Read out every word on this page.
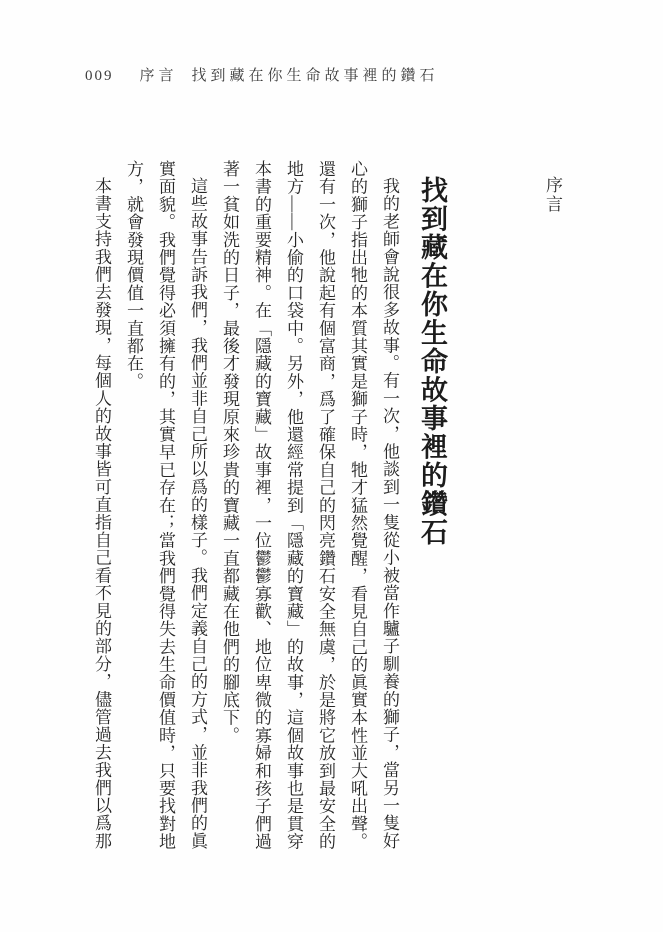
009 序言 找到藏在你生命故事裡的鑽石
序言
找到藏在你生命故事裡的鑽石

我的老師會說很多故事。有一次，他談到一隻從小被當作驢子馴養的獅子，當另一隻好心的獅子指出牠的本質其實是獅子時，牠才猛然覺醒，看見自己的眞實本性並大吼出聲。還有一次，他說起有個富商，爲了確保自己的閃亮鑽石安全無虞，於是將它放到最安全的地方——小偷的口袋中。另外，他還經常提到「隱藏的寶藏」的故事，這個故事也是貫穿本書的重要精神。在「隱藏的寶藏」故事裡，一位鬱鬱寡歡、地位卑微的寡婦和孩子們過著一貧如洗的日子，最後才發現原來珍貴的寶藏一直都藏在他們的腳底下。

這些故事告訴我們，我們並非自己所以爲的樣子。我們定義自己的方式，並非我們的眞實面貌。我們覺得必須擁有的，其實早已存在；當我們覺得失去生命價值時，只要找對地方，就會發現價值一直都在。

本書支持我們去發現，每個人的故事皆可直指自己看不見的部分，儘管過去我們以爲那
